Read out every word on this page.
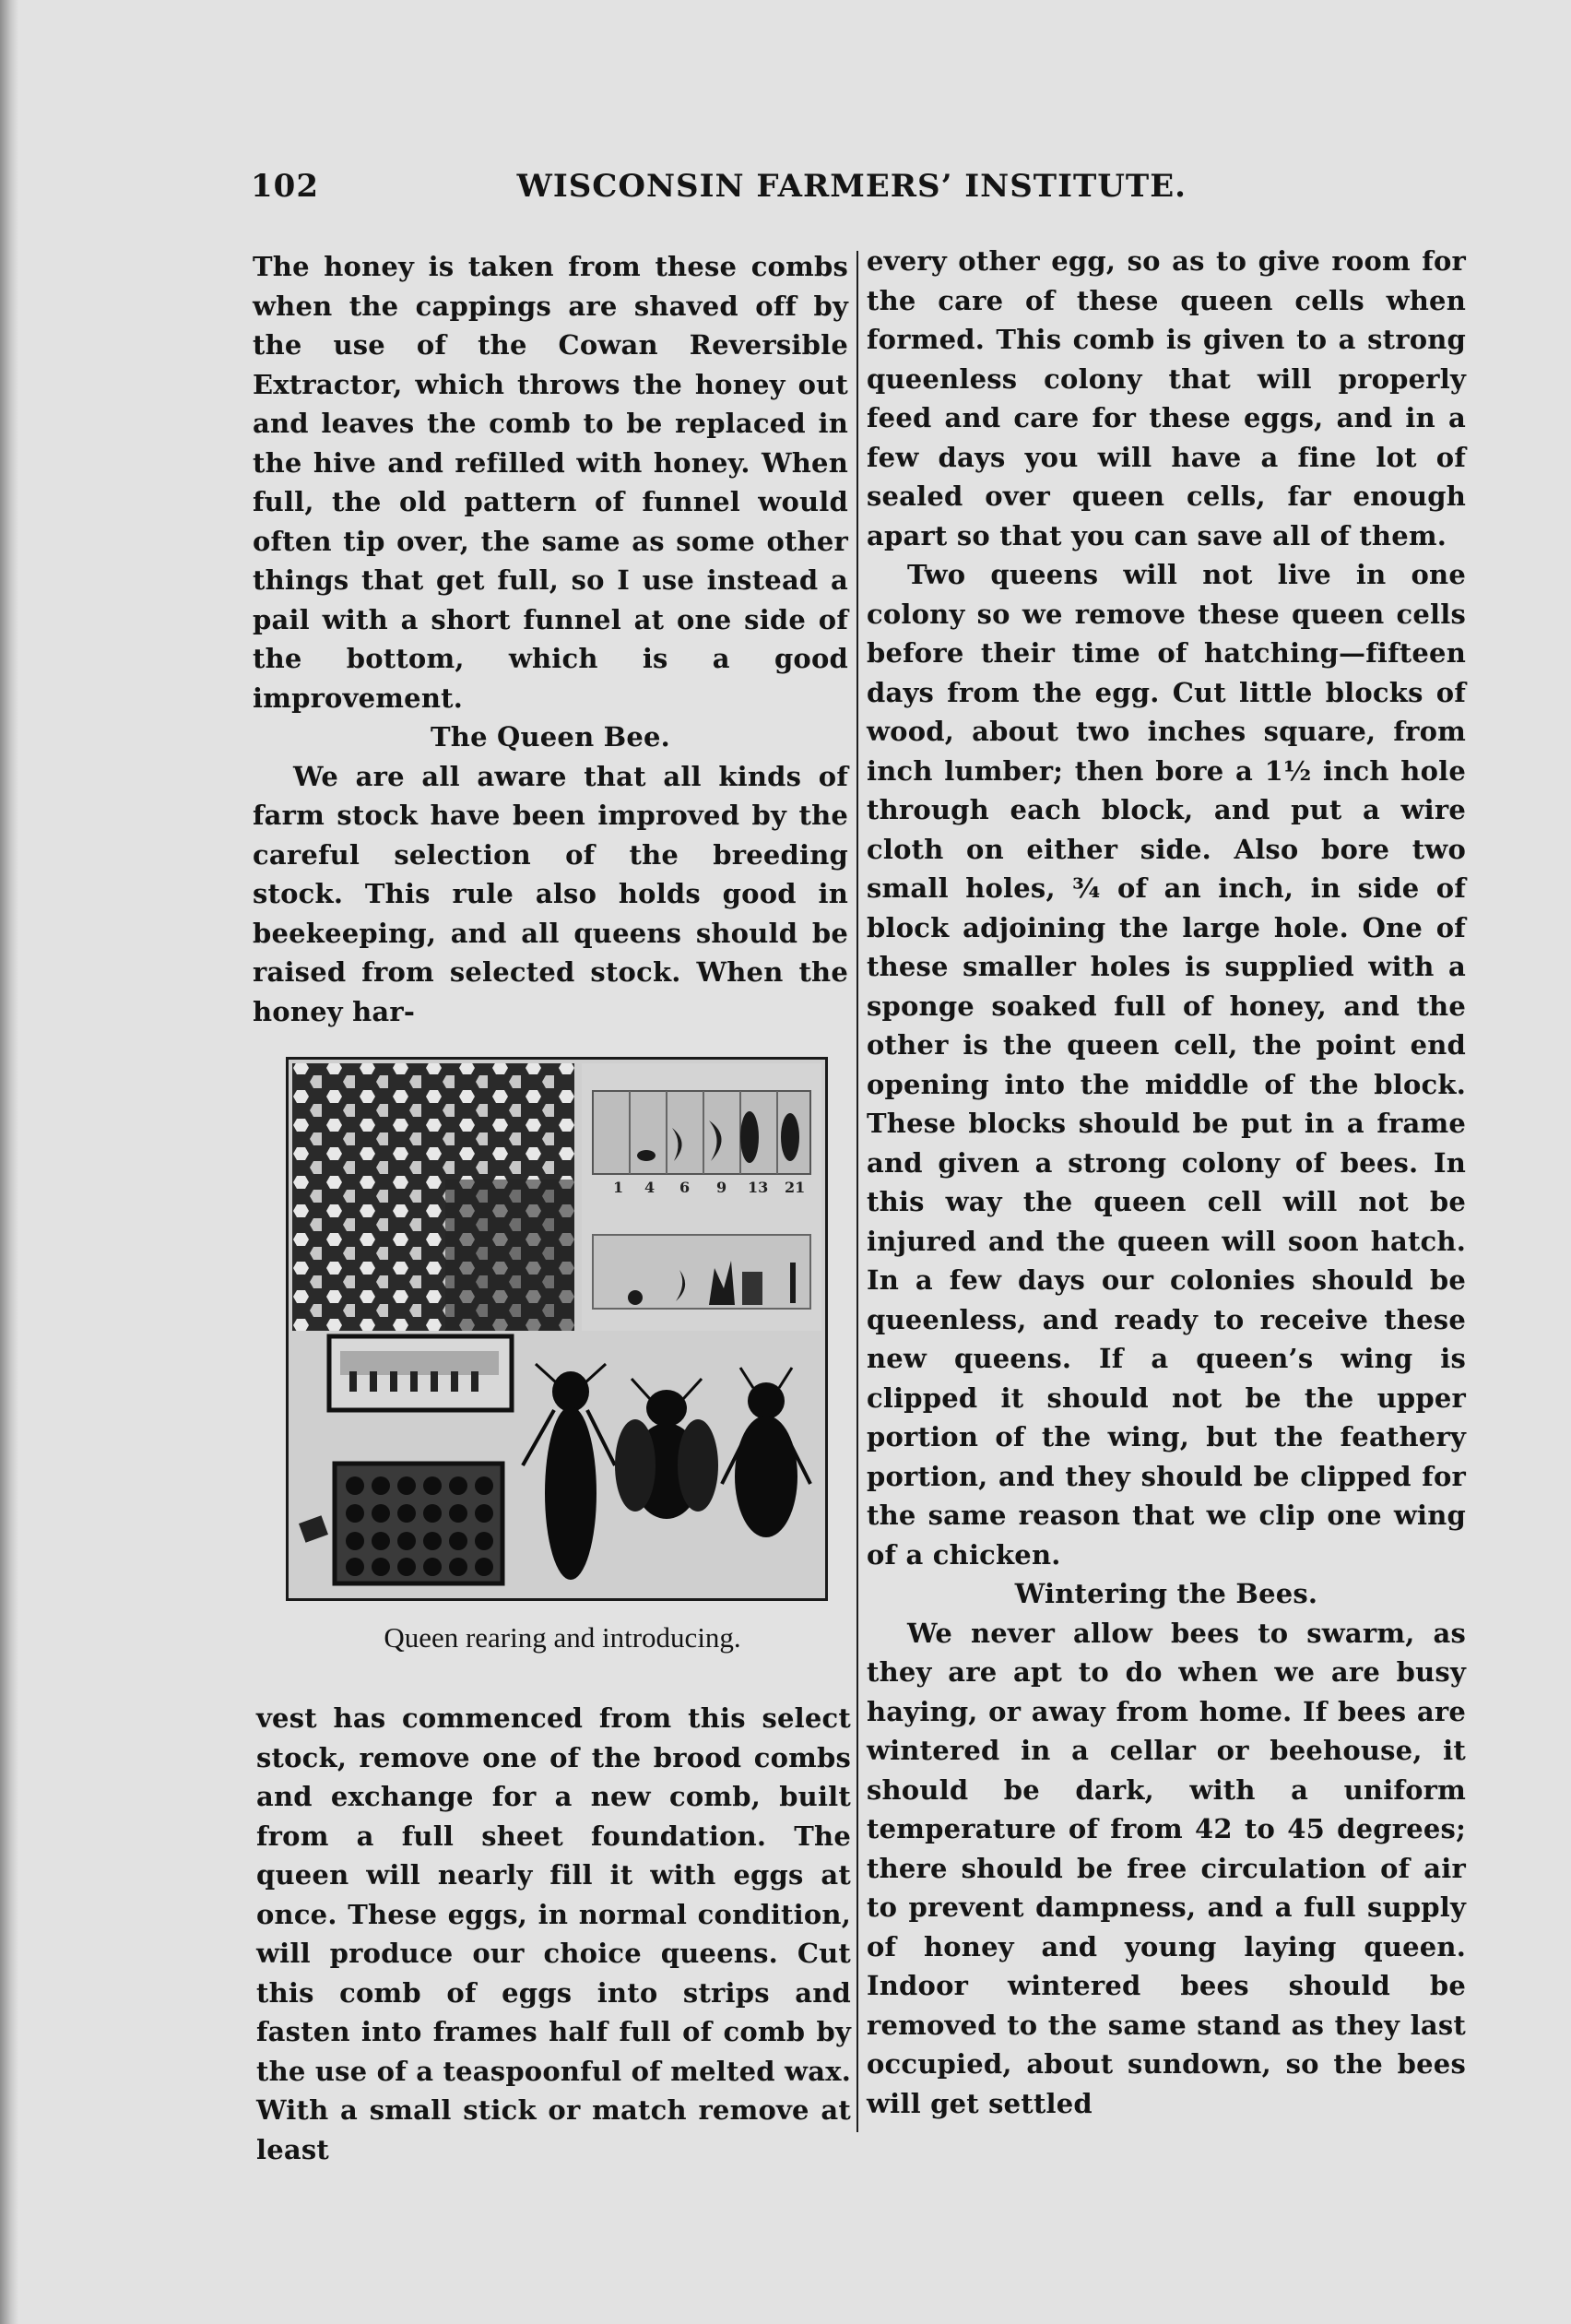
102	WISCONSIN FARMERS’ INSTITUTE.

The honey is taken from these combs when the cappings are shaved off by the use of the Cowan Reversible Extractor, which throws the honey out and leaves the comb to be replaced in the hive and refilled with honey. When full, the old pattern of funnel would often tip over, the same as some other things that get full, so I use instead a pail with a short funnel at one side of the bottom, which is a good improvement.

The Queen Bee.

We are all aware that all kinds of farm stock have been improved by the careful selection of the breeding stock. This rule also holds good in beekeeping, and all queens should be raised from selected stock. When the honey har-

1 4 6 9 13 21
Queen rearing and introducing.

vest has commenced from this select stock, remove one of the brood combs and exchange for a new comb, built from a full sheet foundation. The queen will nearly fill it with eggs at once. These eggs, in normal condition, will produce our choice queens. Cut this comb of eggs into strips and fasten into frames half full of comb by the use of a teaspoonful of melted wax. With a small stick or match remove at least

every other egg, so as to give room for the care of these queen cells when formed. This comb is given to a strong queenless colony that will properly feed and care for these eggs, and in a few days you will have a fine lot of sealed over queen cells, far enough apart so that you can save all of them.

Two queens will not live in one colony so we remove these queen cells before their time of hatching—fifteen days from the egg. Cut little blocks of wood, about two inches square, from inch lumber; then bore a 1½ inch hole through each block, and put a wire cloth on either side. Also bore two small holes, ¾ of an inch, in side of block adjoining the large hole. One of these smaller holes is supplied with a sponge soaked full of honey, and the other is the queen cell, the point end opening into the middle of the block. These blocks should be put in a frame and given a strong colony of bees. In this way the queen cell will not be injured and the queen will soon hatch. In a few days our colonies should be queenless, and ready to receive these new queens. If a queen’s wing is clipped it should not be the upper portion of the wing, but the feathery portion, and they should be clipped for the same reason that we clip one wing of a chicken.

Wintering the Bees.

We never allow bees to swarm, as they are apt to do when we are busy haying, or away from home. If bees are wintered in a cellar or beehouse, it should be dark, with a uniform temperature of from 42 to 45 degrees; there should be free circulation of air to prevent dampness, and a full supply of honey and young laying queen. Indoor wintered bees should be removed to the same stand as they last occupied, about sundown, so the bees will get settled
